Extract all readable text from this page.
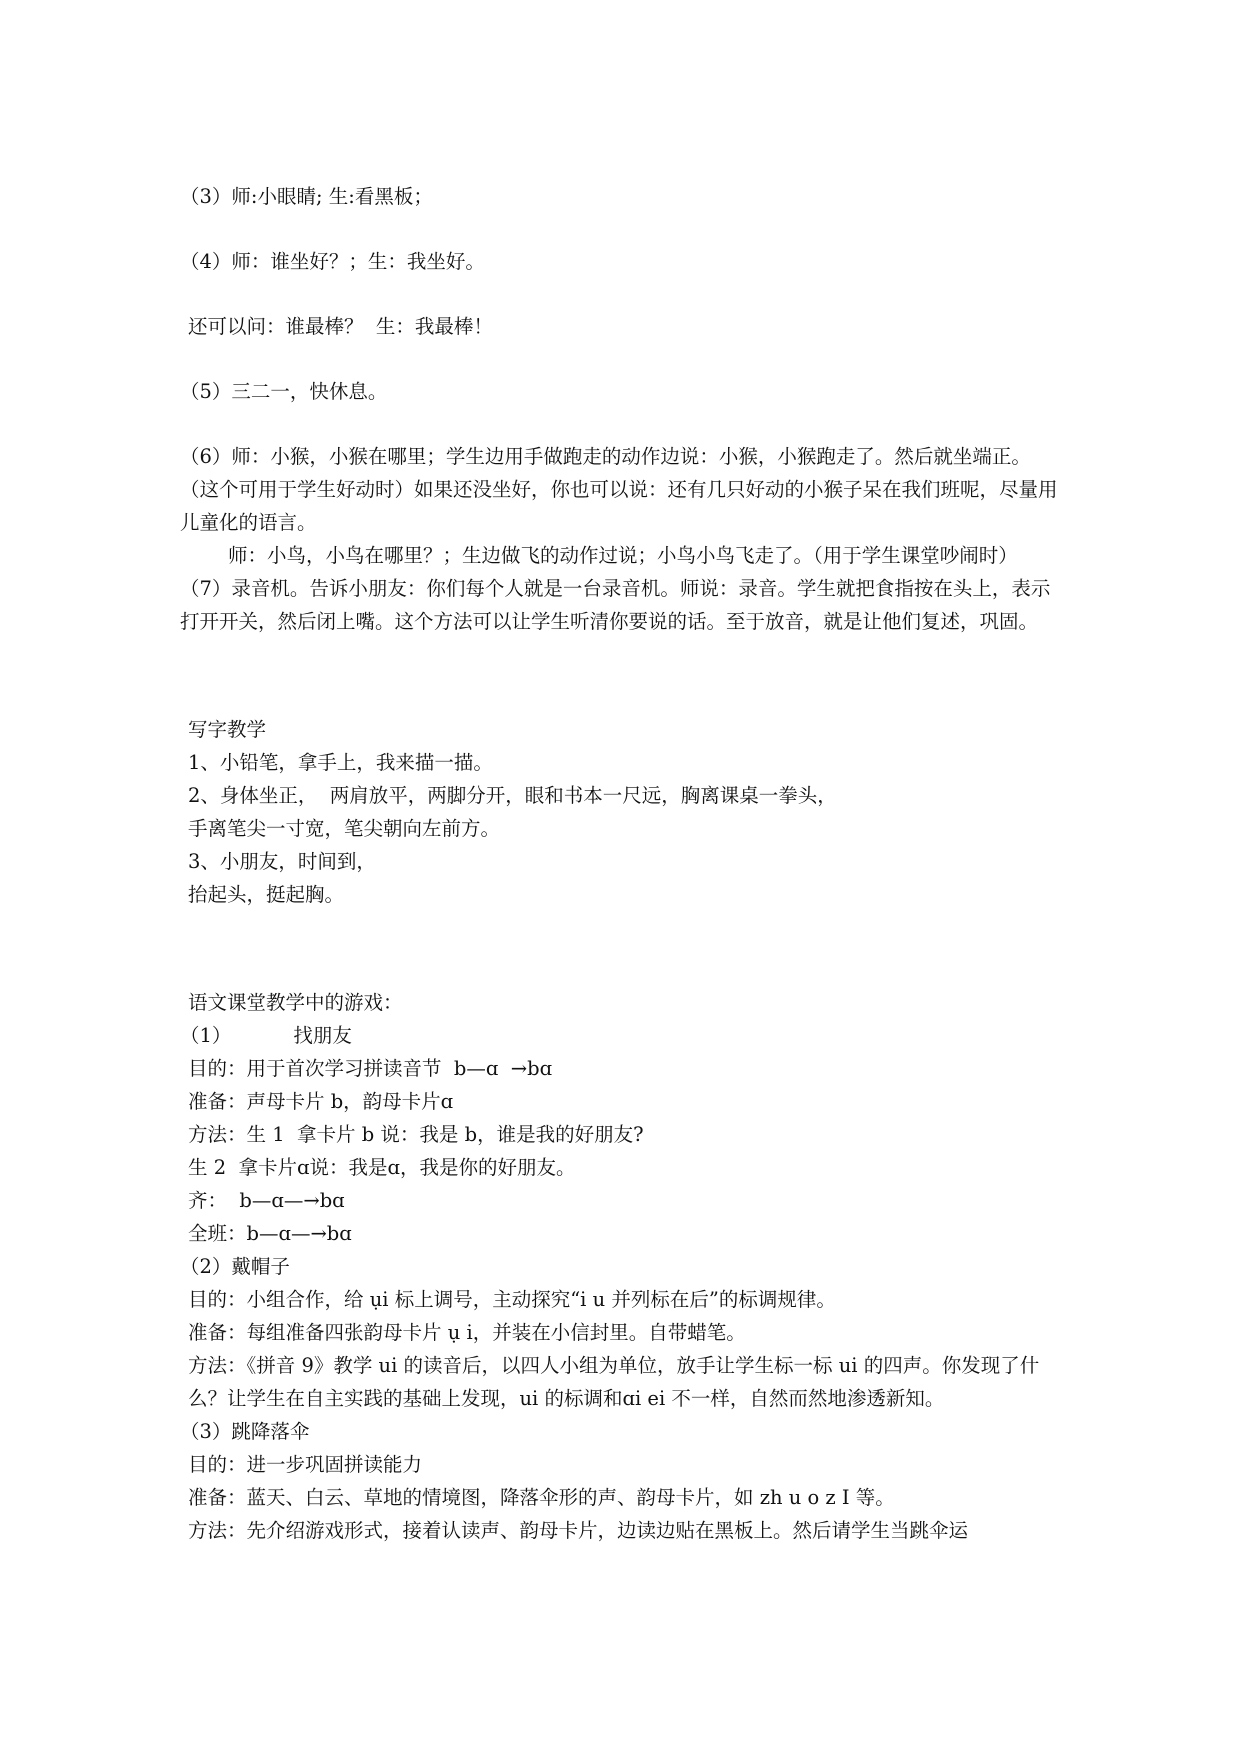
（3）师:小眼睛; 生:看黑板；

（4）师：谁坐好？；生：我坐好。

还可以问：谁最棒？  生：我最棒！

（5）三二一，快休息。

（6）师：小猴，小猴在哪里；学生边用手做跑走的动作边说：小猴，小猴跑走了。然后就坐端正。（这个可用于学生好动时）如果还没坐好，你也可以说：还有几只好动的小猴子呆在我们班呢，尽量用儿童化的语言。

师：小鸟，小鸟在哪里？；生边做飞的动作过说；小鸟小鸟飞走了。（用于学生课堂吵闹时）

（7）录音机。告诉小朋友：你们每个人就是一台录音机。师说：录音。学生就把食指按在头上，表示打开开关，然后闭上嘴。这个方法可以让学生听清你要说的话。至于放音，就是让他们复述，巩固。

写字教学

1、小铅笔，拿手上，我来描一描。

2、身体坐正，  两肩放平，两脚分开，眼和书本一尺远，胸离课桌一拳头，

手离笔尖一寸宽，笔尖朝向左前方。

3、小朋友，时间到，

抬起头，挺起胸。

语文课堂教学中的游戏：

（1）          找朋友

目的：用于首次学习拼读音节  b—ɑ  →bɑ

准备：声母卡片 b，韵母卡片ɑ

方法：生 1  拿卡片 b 说：我是 b，谁是我的好朋友?

生 2  拿卡片ɑ说：我是ɑ，我是你的好朋友。

齐：  b—ɑ—→bɑ

全班：b—ɑ—→bɑ

（2）戴帽子

目的：小组合作，给 ụi 标上调号，主动探究“i u 并列标在后”的标调规律。

准备：每组准备四张韵母卡片 ụ i，并装在小信封里。自带蜡笔。

方法：《拼音 9》教学 ui 的读音后，以四人小组为单位，放手让学生标一标 ui 的四声。你发现了什么？让学生在自主实践的基础上发现，ui 的标调和ɑi ei 不一样，自然而然地渗透新知。

（3）跳降落伞

目的：进一步巩固拼读能力

准备：蓝天、白云、草地的情境图，降落伞形的声、韵母卡片，如 zh u o z I 等。

方法：先介绍游戏形式，接着认读声、韵母卡片，边读边贴在黑板上。然后请学生当跳伞运
